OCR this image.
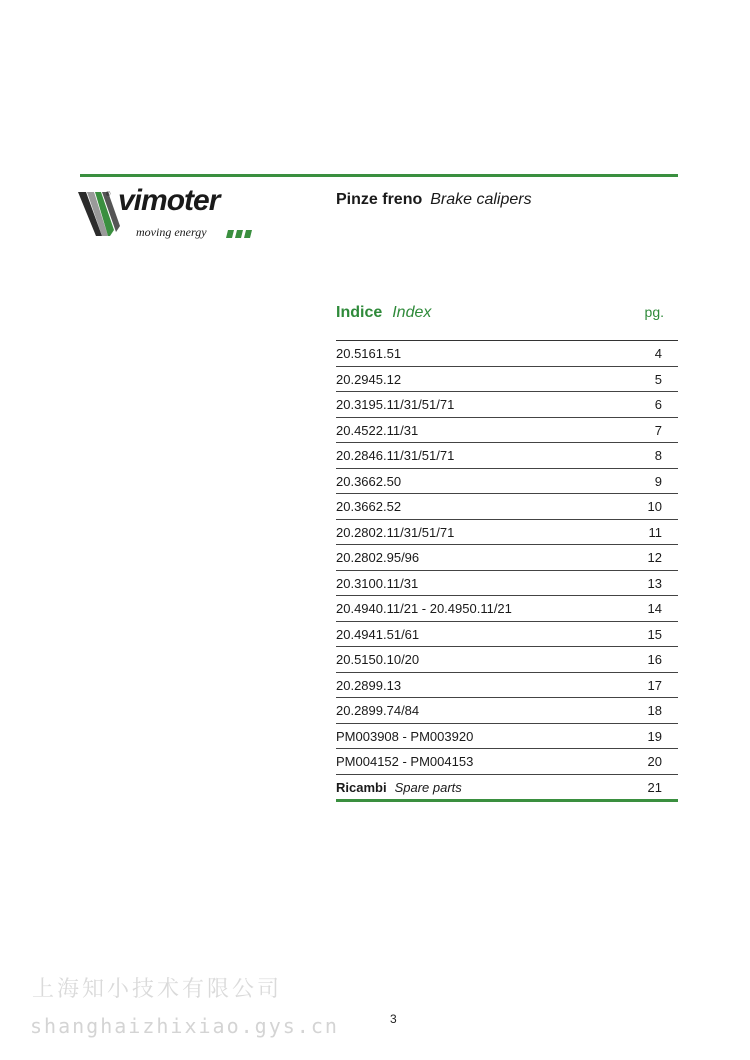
® vimoter
moving energy
Pinze freno Brake calipers
Indice Index	pg.
20.5161.51	4
20.2945.12	5
20.3195.11/31/51/71	6
20.4522.11/31	7
20.2846.11/31/51/71	8
20.3662.50	9
20.3662.52	10
20.2802.11/31/51/71	11
20.2802.95/96	12
20.3100.11/31	13
20.4940.11/21 - 20.4950.11/21	14
20.4941.51/61	15
20.5150.10/20	16
20.2899.13	17
20.2899.74/84	18
PM003908 - PM003920	19
PM004152 - PM004153	20
Ricambi Spare parts	21
上海知小技术有限公司
shanghaizhixiao.gys.cn	3
